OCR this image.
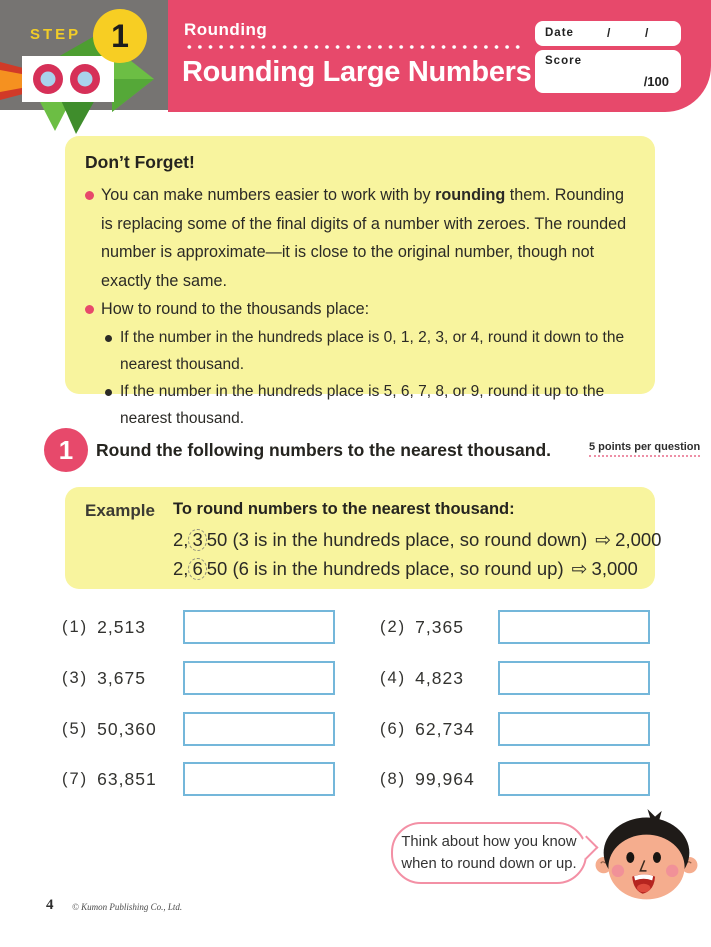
STEP 1	Rounding
Rounding Large Numbers
Date	/	/
Score
/100
Don’t Forget!

You can make numbers easier to work with by rounding them. Rounding is replacing some of the final digits of a number with zeroes. The rounded number is approximate—it is close to the original number, though not exactly the same.

How to round to the thousands place:

If the number in the hundreds place is 0, 1, 2, 3, or 4, round it down to the nearest thousand.

If the number in the hundreds place is 5, 6, 7, 8, or 9, round it up to the nearest thousand.

1	Round the following numbers to the nearest thousand.	5 points per question
Example	To round numbers to the nearest thousand:
2, 3 50 (3 is in the hundreds place, so round down) ⇨ 2,000
2, 6 50 (6 is in the hundreds place, so round up) ⇨ 3,000
(1) 2,513	(2) 7,365
(3) 3,675	(4) 4,823
(5) 50,360	(6) 62,734
(7) 63,851	(8) 99,964
Think about how you know
when to round down or up.
4 © Kumon Publishing Co., Ltd.
